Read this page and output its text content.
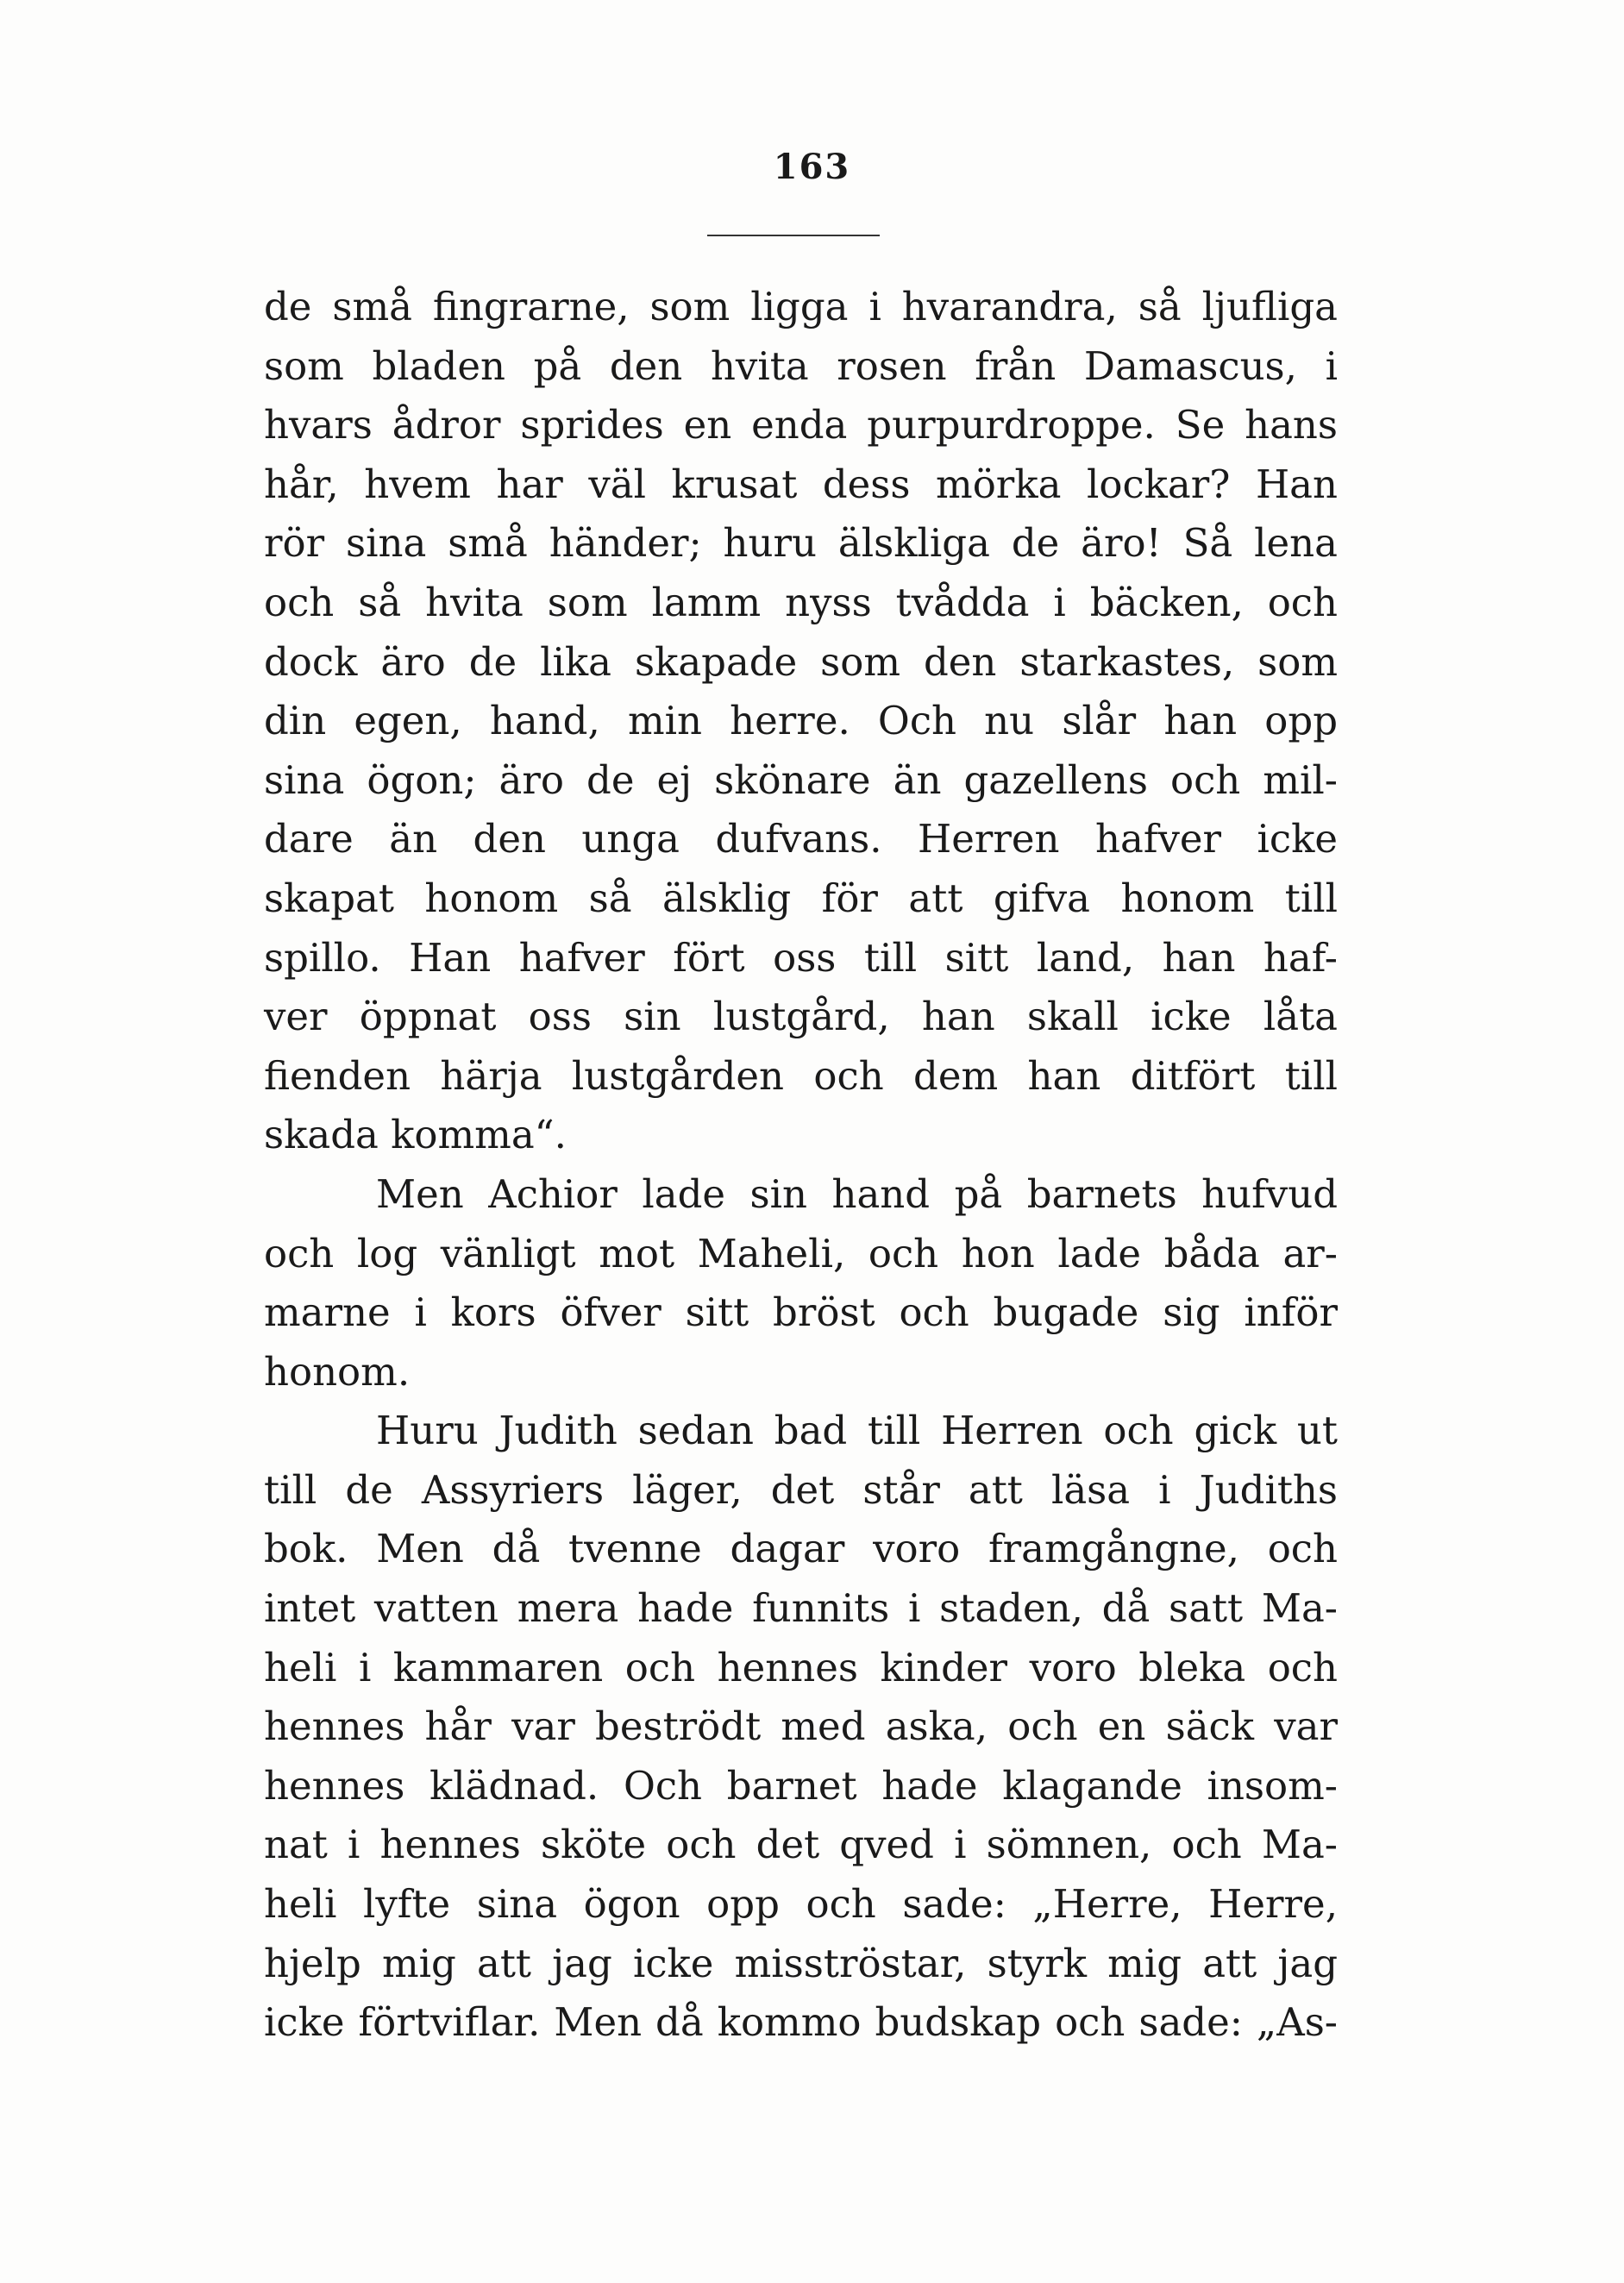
163
de små fingrarne, som ligga i hvarandra, så ljufliga
som bladen på den hvita rosen från Damascus, i
hvars ådror sprides en enda purpurdroppe. Se hans
hår, hvem har väl krusat dess mörka lockar? Han
rör sina små händer; huru älskliga de äro! Så lena
och så hvita som lamm nyss tvådda i bäcken, och
dock äro de lika skapade som den starkastes, som
din egen, hand, min herre. Och nu slår han opp
sina ögon; äro de ej skönare än gazellens och mil-
dare än den unga dufvans. Herren hafver icke
skapat honom så älsklig för att gifva honom till
spillo. Han hafver fört oss till sitt land, han haf-
ver öppnat oss sin lustgård, han skall icke låta
fienden härja lustgården och dem han ditfört till
skada komma“.
Men Achior lade sin hand på barnets hufvud
och log vänligt mot Maheli, och hon lade båda ar-
marne i kors öfver sitt bröst och bugade sig inför
honom.
Huru Judith sedan bad till Herren och gick ut
till de Assyriers läger, det står att läsa i Judiths
bok. Men då tvenne dagar voro framgångne, och
intet vatten mera hade funnits i staden, då satt Ma-
heli i kammaren och hennes kinder voro bleka och
hennes hår var beströdt med aska, och en säck var
hennes klädnad. Och barnet hade klagande insom-
nat i hennes sköte och det qved i sömnen, och Ma-
heli lyfte sina ögon opp och sade: „Herre, Herre,
hjelp mig att jag icke misströstar, styrk mig att jag
icke förtviflar. Men då kommo budskap och sade: „As-
